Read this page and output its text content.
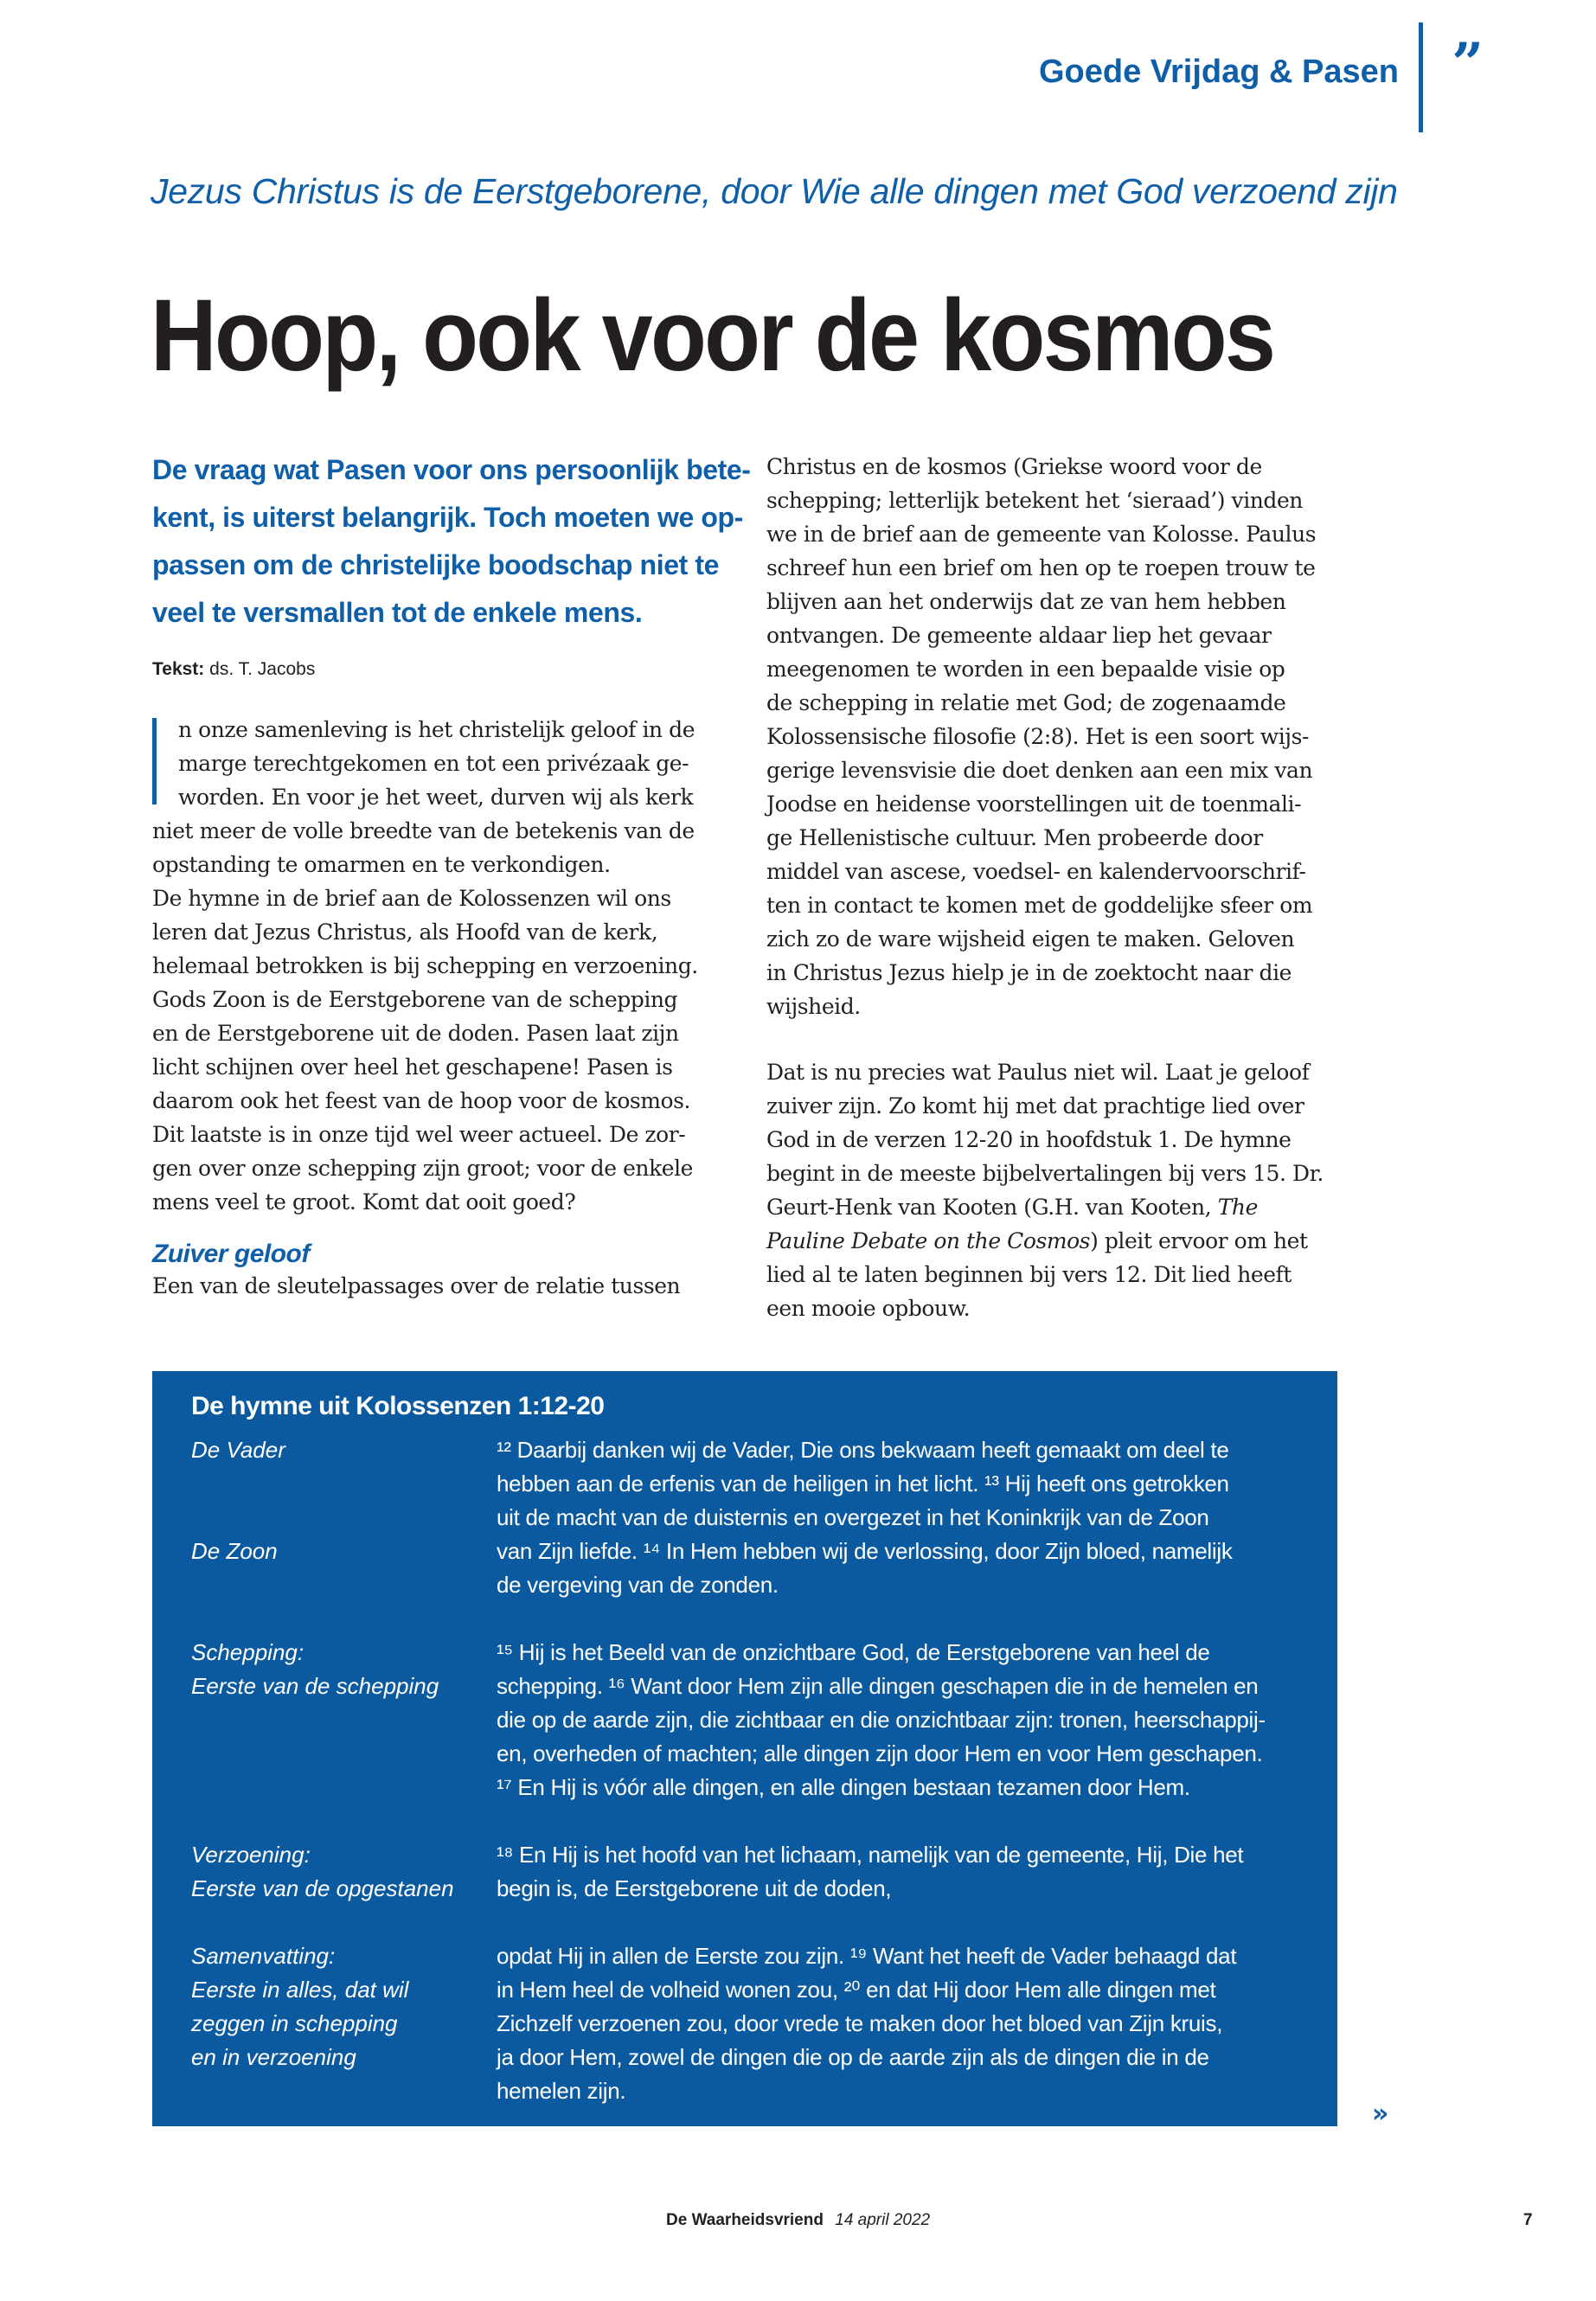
Goede Vrijdag & Pasen ”
Jezus Christus is de Eerstgeborene, door Wie alle dingen met God verzoend zijn
Hoop, ook voor de kosmos

De vraag wat Pasen voor ons persoonlijk bete-
kent, is uiterst belangrijk. Toch moeten we op-
passen om de christelijke boodschap niet te
veel te versmallen tot de enkele mens.

Tekst: ds. T. Jacobs
n onze samenleving is het christelijk geloof in de
marge terechtgekomen en tot een privézaak ge-
worden. En voor je het weet, durven wij als kerk
niet meer de volle breedte van de betekenis van de
opstanding te omarmen en te verkondigen.
De hymne in de brief aan de Kolossenzen wil ons
leren dat Jezus Christus, als Hoofd van de kerk,
helemaal betrokken is bij schepping en verzoening.
Gods Zoon is de Eerstgeborene van de schepping
en de Eerstgeborene uit de doden. Pasen laat zijn
licht schijnen over heel het geschapene! Pasen is
daarom ook het feest van de hoop voor de kosmos.
Dit laatste is in onze tijd wel weer actueel. De zor-
gen over onze schepping zijn groot; voor de enkele
mens veel te groot. Komt dat ooit goed?
Zuiver geloof

Een van de sleutelpassages over de relatie tussen

Christus en de kosmos (Griekse woord voor de
schepping; letterlijk betekent het ‘sieraad’) vinden
we in de brief aan de gemeente van Kolosse. Paulus
schreef hun een brief om hen op te roepen trouw te
blijven aan het onderwijs dat ze van hem hebben
ontvangen. De gemeente aldaar liep het gevaar
meegenomen te worden in een bepaalde visie op
de schepping in relatie met God; de zogenaamde
Kolossensische filosofie (2:8). Het is een soort wijs-
gerige levensvisie die doet denken aan een mix van
Joodse en heidense voorstellingen uit de toenmali-
ge Hellenistische cultuur. Men probeerde door
middel van ascese, voedsel- en kalendervoorschrif-
ten in contact te komen met de goddelijke sfeer om
zich zo de ware wijsheid eigen te maken. Geloven
in Christus Jezus hielp je in de zoektocht naar die
wijsheid.

Dat is nu precies wat Paulus niet wil. Laat je geloof
zuiver zijn. Zo komt hij met dat prachtige lied over
God in de verzen 12-20 in hoofdstuk 1. De hymne
begint in de meeste bijbelvertalingen bij vers 15. Dr.
Geurt-Henk van Kooten (G.H. van Kooten, The
Pauline Debate on the Cosmos) pleit ervoor om het
lied al te laten beginnen bij vers 12. Dit lied heeft
een mooie opbouw.

De hymne uit Kolossenzen 1:12-20
De Vader
De Zoon
Schepping:
Eerste van de schepping
Verzoening:
Eerste van de opgestanen
Samenvatting:
Eerste in alles, dat wil
zeggen in schepping
en in verzoening
¹² Daarbij danken wij de Vader, Die ons bekwaam heeft gemaakt om deel te
hebben aan de erfenis van de heiligen in het licht. ¹³ Hij heeft ons getrokken
uit de macht van de duisternis en overgezet in het Koninkrijk van de Zoon
van Zijn liefde. ¹⁴ In Hem hebben wij de verlossing, door Zijn bloed, namelijk
de vergeving van de zonden.
¹⁵ Hij is het Beeld van de onzichtbare God, de Eerstgeborene van heel de
schepping. ¹⁶ Want door Hem zijn alle dingen geschapen die in de hemelen en
die op de aarde zijn, die zichtbaar en die onzichtbaar zijn: tronen, heerschappij-
en, overheden of machten; alle dingen zijn door Hem en voor Hem geschapen.
¹⁷ En Hij is vóór alle dingen, en alle dingen bestaan tezamen door Hem.
¹⁸ En Hij is het hoofd van het lichaam, namelijk van de gemeente, Hij, Die het
begin is, de Eerstgeborene uit de doden,
opdat Hij in allen de Eerste zou zijn. ¹⁹ Want het heeft de Vader behaagd dat
in Hem heel de volheid wonen zou, ²⁰ en dat Hij door Hem alle dingen met
Zichzelf verzoenen zou, door vrede te maken door het bloed van Zijn kruis,
ja door Hem, zowel de dingen die op de aarde zijn als de dingen die in de
hemelen zijn.
»
De Waarheidsvriend 14 april 2022	7
